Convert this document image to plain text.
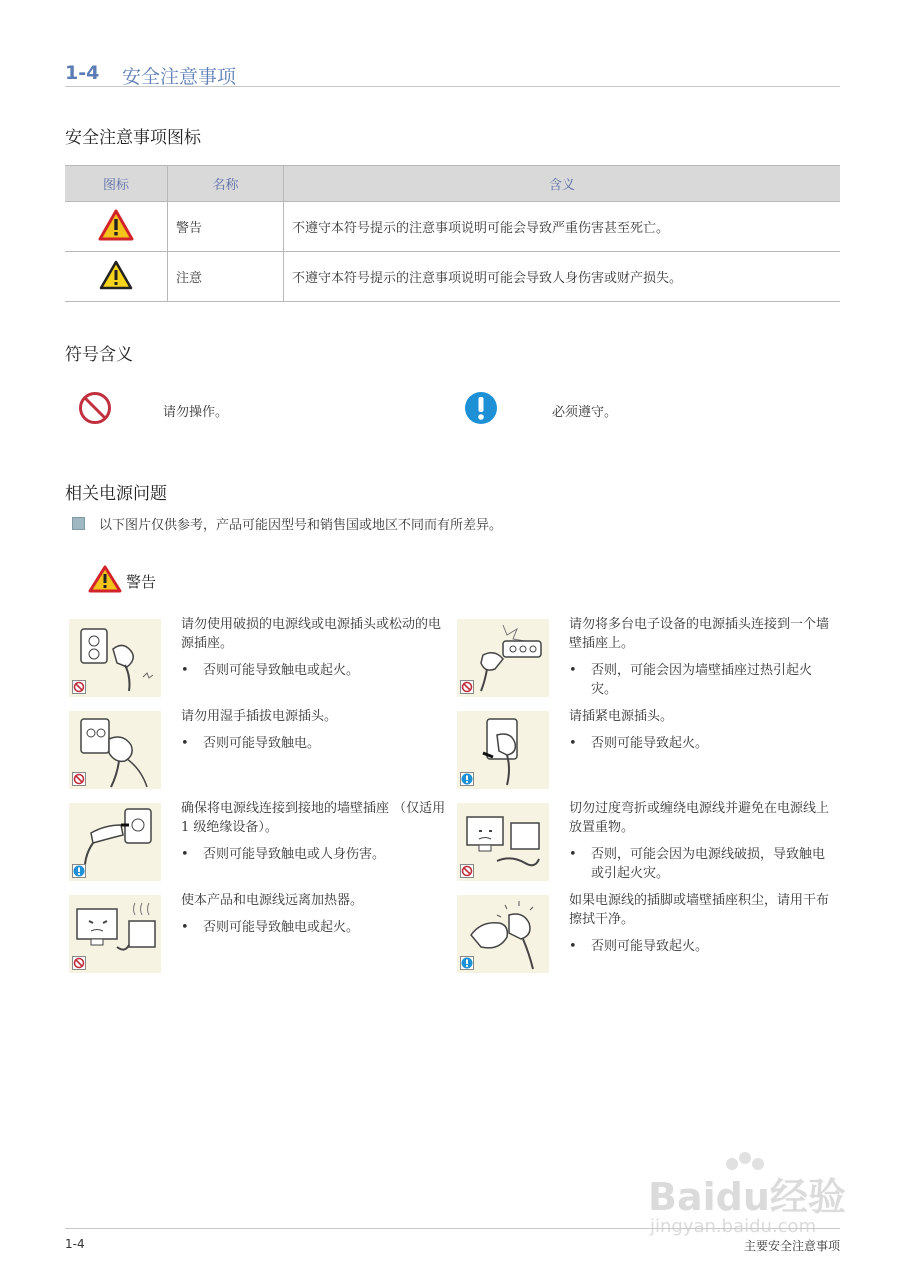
1-4 安全注意事项
安全注意事项图标
图标	名称	含义
	警告	不遵守本符号提示的注意事项说明可能会导致严重伤害甚至死亡。
	注意	不遵守本符号提示的注意事项说明可能会导致人身伤害或财产损失。
符号含义
请勿操作。	必须遵守。
相关电源问题
以下图片仅供参考，产品可能因型号和销售国或地区不同而有所差异。
警告
请勿使用破损的电源线或电源插头或松动的电源插座。
• 否则可能导致触电或起火。
请勿将多台电子设备的电源插头连接到一个墙壁插座上。
• 否则，可能会因为墙壁插座过热引起火灾。
请勿用湿手插拔电源插头。
• 否则可能导致触电。
请插紧电源插头。
• 否则可能导致起火。
确保将电源线连接到接地的墙壁插座 （仅适用 1 级绝缘设备）。
• 否则可能导致触电或人身伤害。
切勿过度弯折或缠绕电源线并避免在电源线上放置重物。
• 否则，可能会因为电源线破损，导致触电或引起火灾。
使本产品和电源线远离加热器。
• 否则可能导致触电或起火。
如果电源线的插脚或墙壁插座积尘，请用干布擦拭干净。
• 否则可能导致起火。
Baidu经验
jingyan.baidu.com
1-4	主要安全注意事项
